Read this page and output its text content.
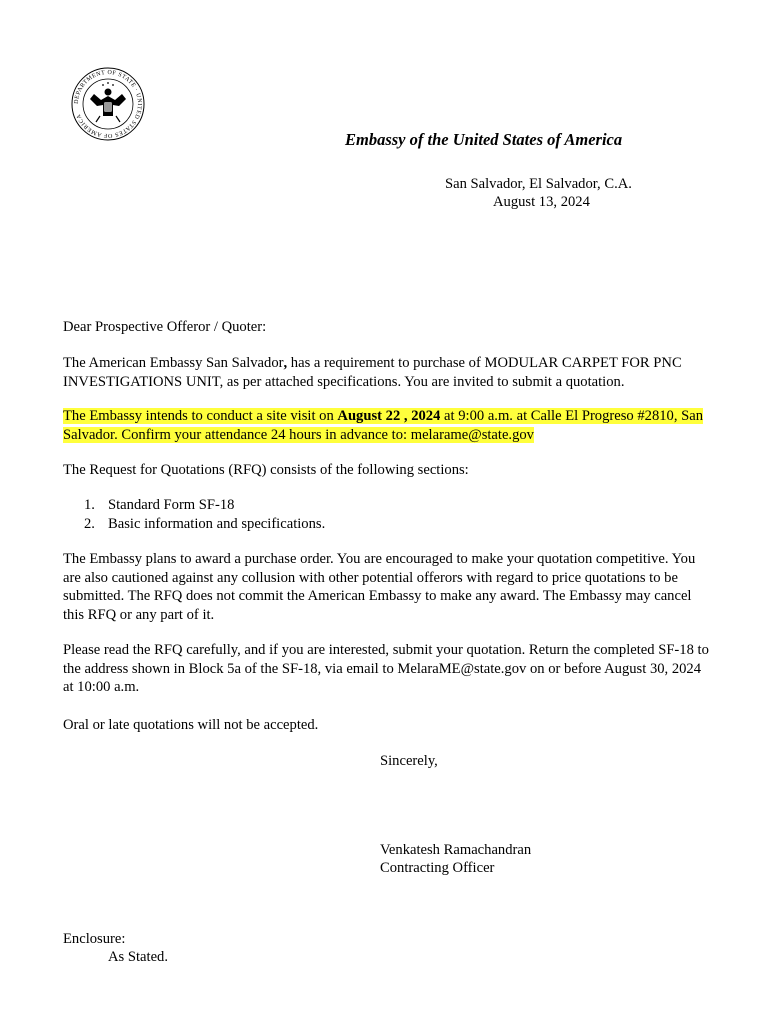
DEPARTMENT OF STATE · UNITED STATES OF AMERICA
Embassy of the United States of America
San Salvador, El Salvador, C.A.
August 13, 2024
Dear Prospective Offeror / Quoter:
The American Embassy San Salvador, has a requirement to purchase of MODULAR CARPET FOR PNC INVESTIGATIONS UNIT, as per attached specifications. You are invited to submit a quotation.
The Embassy intends to conduct a site visit on August 22 , 2024 at 9:00 a.m. at Calle El Progreso #2810, San Salvador. Confirm your attendance 24 hours in advance to: melarame@state.gov
The Request for Quotations (RFQ) consists of the following sections:
1. Standard Form SF-18
2. Basic information and specifications.
The Embassy plans to award a purchase order. You are encouraged to make your quotation competitive. You are also cautioned against any collusion with other potential offerors with regard to price quotations to be submitted. The RFQ does not commit the American Embassy to make any award. The Embassy may cancel this RFQ or any part of it.
Please read the RFQ carefully, and if you are interested, submit your quotation. Return the completed SF-18 to the address shown in Block 5a of the SF-18, via email to MelaraME@state.gov on or before August 30, 2024 at 10:00 a.m.
Oral or late quotations will not be accepted.
Sincerely,
Venkatesh Ramachandran
Contracting Officer
Enclosure:
As Stated.
